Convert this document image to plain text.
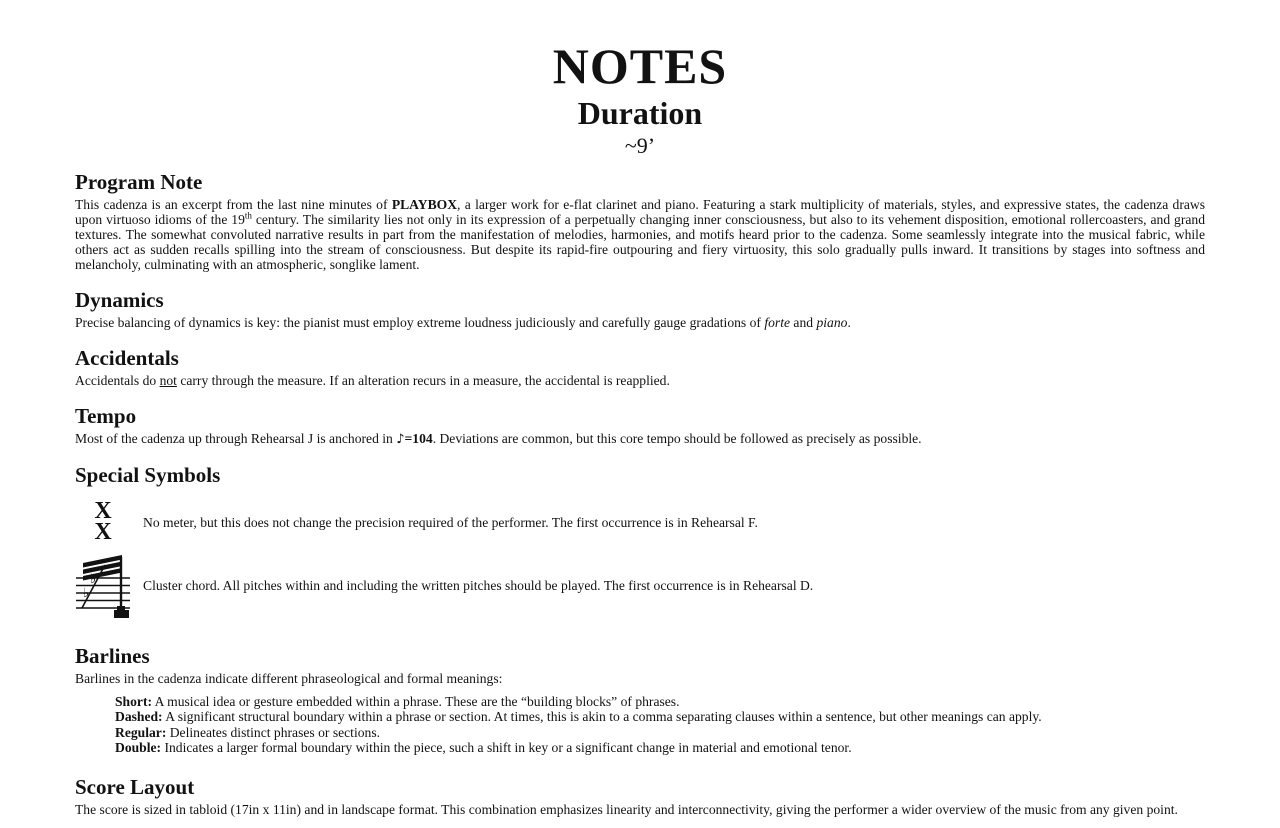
NOTES
Duration
~9’
Program Note

This cadenza is an excerpt from the last nine minutes of PLAYBOX, a larger work for e-flat clarinet and piano. Featuring a stark multiplicity of materials, styles, and expressive states, the cadenza draws upon virtuoso idioms of the 19th century. The similarity lies not only in its expression of a perpetually changing inner consciousness, but also to its vehement disposition, emotional rollercoasters, and grand textures. The somewhat convoluted narrative results in part from the manifestation of melodies, harmonies, and motifs heard prior to the cadenza. Some seamlessly integrate into the musical fabric, while others act as sudden recalls spilling into the stream of consciousness. But despite its rapid-fire outpouring and fiery virtuosity, this solo gradually pulls inward. It transitions by stages into softness and melancholy, culminating with an atmospheric, songlike lament.

Dynamics

Precise balancing of dynamics is key: the pianist must employ extreme loudness judiciously and carefully gauge gradations of forte and piano.

Accidentals

Accidentals do not carry through the measure. If an alteration recurs in a measure, the accidental is reapplied.

Tempo

Most of the cadenza up through Rehearsal J is anchored in ♪=104. Deviations are common, but this core tempo should be followed as precisely as possible.

Special Symbols
X
X	No meter, but this does not change the precision required of the performer. The first occurrence is in Rehearsal F.
♭
♭	Cluster chord. All pitches within and including the written pitches should be played. The first occurrence is in Rehearsal D.
Barlines

Barlines in the cadenza indicate different phraseological and formal meanings:

Short: A musical idea or gesture embedded within a phrase. These are the “building blocks” of phrases.
Dashed: A significant structural boundary within a phrase or section. At times, this is akin to a comma separating clauses within a sentence, but other meanings can apply.
Regular: Delineates distinct phrases or sections.
Double: Indicates a larger formal boundary within the piece, such a shift in key or a significant change in material and emotional tenor.
Score Layout

The score is sized in tabloid (17in x 11in) and in landscape format. This combination emphasizes linearity and interconnectivity, giving the performer a wider overview of the music from any given point.
